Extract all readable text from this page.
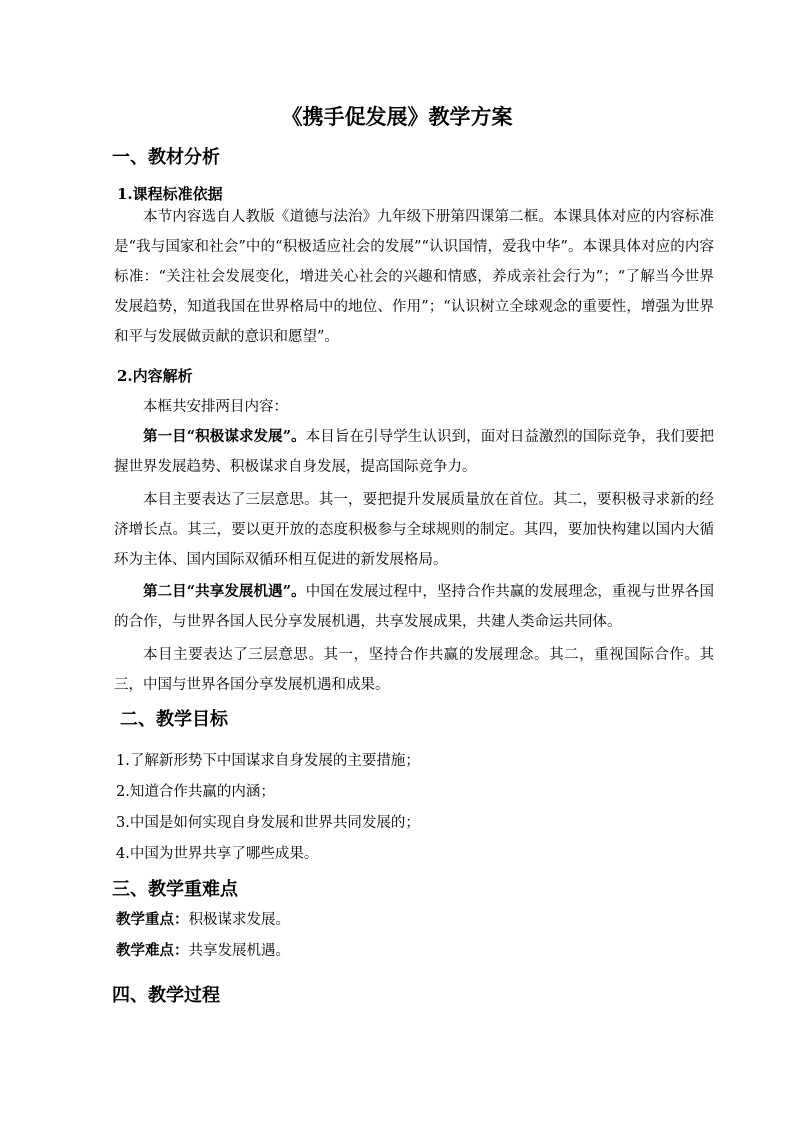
《携手促发展》教学方案
一、教材分析
1.课程标准依据
本节内容选自人教版《道德与法治》九年级下册第四课第二框。本课具体对应的内容标准是“我与国家和社会”中的“积极适应社会的发展”“认识国情，爱我中华”。本课具体对应的内容标准：“关注社会发展变化，增进关心社会的兴趣和情感，养成亲社会行为”；“了解当今世界发展趋势，知道我国在世界格局中的地位、作用”；“认识树立全球观念的重要性，增强为世界和平与发展做贡献的意识和愿望”。
2.内容解析
本框共安排两目内容：
第一目“积极谋求发展”。本目旨在引导学生认识到，面对日益激烈的国际竞争，我们要把握世界发展趋势、积极谋求自身发展，提高国际竞争力。
本目主要表达了三层意思。其一，要把提升发展质量放在首位。其二，要积极寻求新的经济增长点。其三，要以更开放的态度积极参与全球规则的制定。其四，要加快构建以国内大循环为主体、国内国际双循环相互促进的新发展格局。
第二目“共享发展机遇”。中国在发展过程中，坚持合作共赢的发展理念，重视与世界各国的合作，与世界各国人民分享发展机遇，共享发展成果，共建人类命运共同体。
本目主要表达了三层意思。其一，坚持合作共赢的发展理念。其二，重视国际合作。其三，中国与世界各国分享发展机遇和成果。
二、教学目标
1.了解新形势下中国谋求自身发展的主要措施；
2.知道合作共赢的内涵；
3.中国是如何实现自身发展和世界共同发展的；
4.中国为世界共享了哪些成果。
三、教学重难点
教学重点：积极谋求发展。
教学难点：共享发展机遇。
四、教学过程
